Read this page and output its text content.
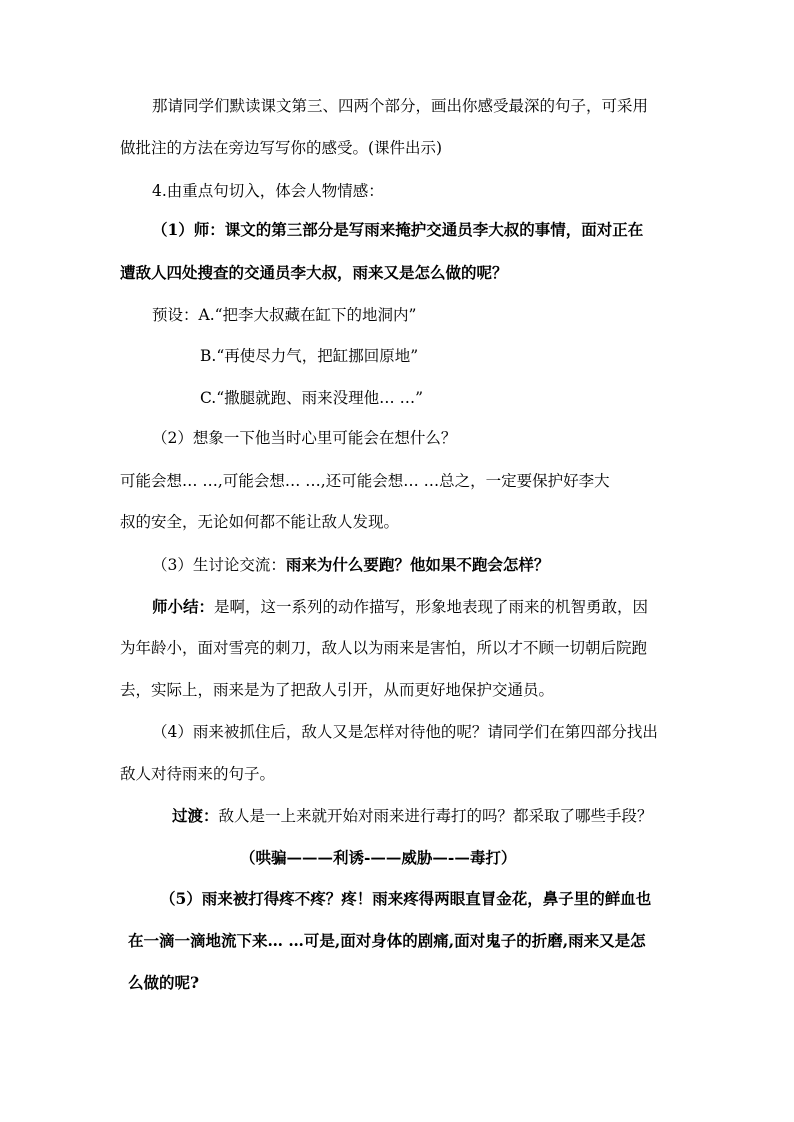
那请同学们默读课文第三、四两个部分，画出你感受最深的句子，可采用
做批注的方法在旁边写写你的感受。(课件出示)
4.由重点句切入，体会人物情感：
（1）师：课文的第三部分是写雨来掩护交通员李大叔的事情，面对正在
遭敌人四处搜查的交通员李大叔，雨来又是怎么做的呢？
预设：A.“把李大叔藏在缸下的地洞内”
B.“再使尽力气，把缸挪回原地”
C.“撒腿就跑、雨来没理他… …”
（2）想象一下他当时心里可能会在想什么？
可能会想… …,可能会想… …,还可能会想… …总之，一定要保护好李大
叔的安全，无论如何都不能让敌人发现。
（3）生讨论交流：雨来为什么要跑？他如果不跑会怎样？
师小结：是啊，这一系列的动作描写，形象地表现了雨来的机智勇敢，因
为年龄小，面对雪亮的刺刀，敌人以为雨来是害怕，所以才不顾一切朝后院跑
去，实际上，雨来是为了把敌人引开，从而更好地保护交通员。
（4）雨来被抓住后，敌人又是怎样对待他的呢？请同学们在第四部分找出
敌人对待雨来的句子。
过渡：敌人是一上来就开始对雨来进行毒打的吗？都采取了哪些手段？
（哄骗———利诱-——威胁—-—毒打）
（5）雨来被打得疼不疼？疼！雨来疼得两眼直冒金花，鼻子里的鲜血也
在一滴一滴地流下来… …可是,面对身体的剧痛,面对鬼子的折磨,雨来又是怎
么做的呢?
